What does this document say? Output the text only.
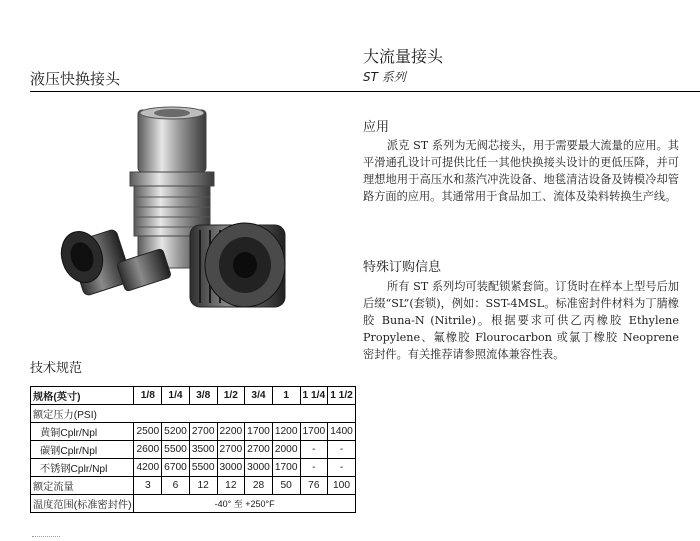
液压快换接头
大流量接头
ST 系列
应用
派克 ST 系列为无阀芯接头，用于需要最大流量的应用。其平滑通孔设计可提供比任一其他快换接头设计的更低压降，并可理想地用于高压水和蒸汽冲洗设备、地毯清洁设备及铸模冷却管路方面的应用。其通常用于食品加工、流体及染料转换生产线。
特殊订购信息
所有 ST 系列均可装配锁紧套筒。订货时在样本上型号后加后缀“SL”(套锁)，例如：SST-4MSL。标准密封件材料为丁腈橡胶 Buna-N (Nitrile)。根据要求可供乙丙橡胶 Ethylene Propylene、氟橡胶 Flourocarbon 或氯丁橡胶 Neoprene 密封件。有关推荐请参照流体兼容性表。
技术规范
规格(英寸)	1/8	1/4	3/8	1/2	3/4	1	1 1/4	1 1/2
额定压力(PSI)								
黄铜Cplr/Npl	2500	5200	2700	2200	1700	1200	1700	1400
碳钢Cplr/Npl	2600	5500	3500	2700	2700	2000	-	-
不锈钢Cplr/Npl	4200	6700	5500	3000	3000	1700	-	-
额定流量	3	6	12	12	28	50	76	100
温度范围(标准密封件)	-40° 至 +250°F							
